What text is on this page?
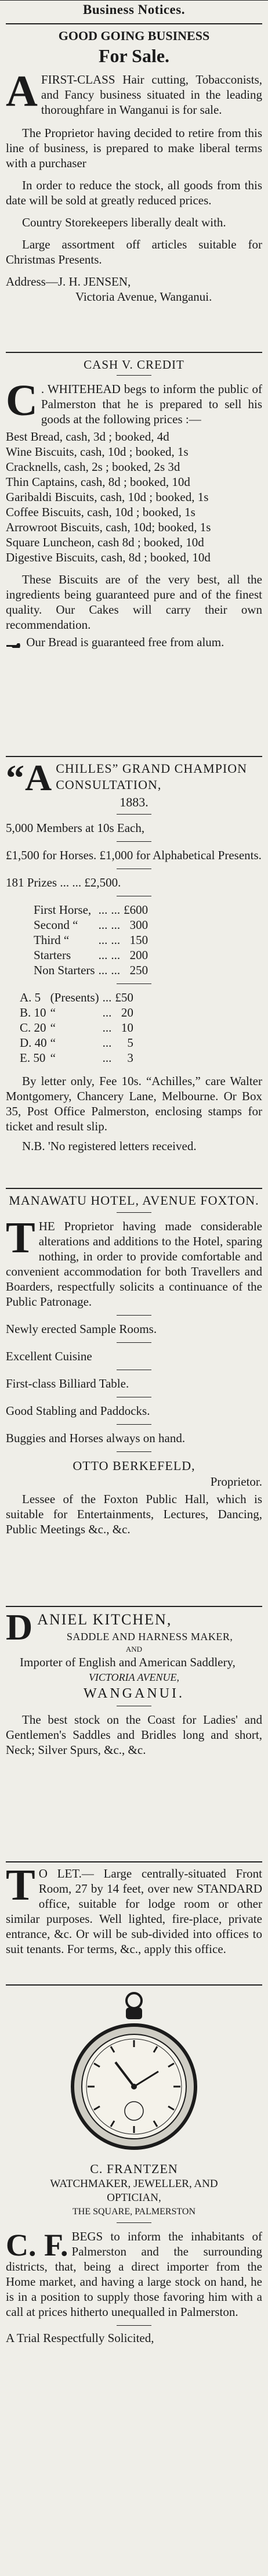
Business Notices.
GOOD GOING BUSINESS
For Sale.
A FIRST-CLASS Hair cutting, Tobacconists, and Fancy business situated in the leading thoroughfare in Wanganui is for sale.

The Proprietor having decided to retire from this line of business, is prepared to make liberal terms with a purchaser

In order to reduce the stock, all goods from this date will be sold at greatly reduced prices.

Country Storekeepers liberally dealt with.

Large assortment off articles suitable for Christmas Presents.

Address—J. H. JENSEN,

Victoria Avenue, Wanganui.

CASH V. CREDIT
C . WHITEHEAD begs to inform the public of Palmerston that he is prepared to sell his goods at the following prices :—
Best Bread, cash, 3d ; booked, 4d
Wine Biscuits, cash, 10d ; booked, 1s
Cracknells, cash, 2s ; booked, 2s 3d
Thin Captains, cash, 8d ; booked, 10d
Garibaldi Biscuits, cash, 10d ; booked, 1s
Coffee Biscuits, cash, 10d ; booked, 1s
Arrowroot Biscuits, cash, 10d; booked, 1s
Square Luncheon, cash 8d ; booked, 10d
Digestive Biscuits, cash, 8d ; booked, 10d

These Biscuits are of the very best, all the ingredients being guaranteed pure and of the finest quality. Our Cakes will carry their own recommendation.

Our Bread is guaranteed free from alum.
“A CHILLES” GRAND CHAMPION CONSULTATION,
1883.
5,000 Members at 10s Each,
£1,500 for Horses. £1,000 for Alphabetical Presents.
181 Prizes ... ... £2,500.
First Horse,	...	...	£600
Second “	...	...	300
Third “	...	...	150
Starters	...	...	200
Non Starters	...	...	250
A. 5	(Presents)	...	£50
B. 10	“	...	20
C. 20	“	...	10
D. 40	“	...	5
E. 50	“	...	3

By letter only, Fee 10s. “Achilles,” care Walter Montgomery, Chancery Lane, Melbourne. Or Box 35, Post Office Palmerston, enclosing stamps for ticket and result slip.

N.B. 'No registered letters received.

MANAWATU HOTEL, AVENUE FOXTON.
T HE Proprietor having made considerable alterations and additions to the Hotel, sparing nothing, in order to provide comfortable and convenient accommodation for both Travellers and Boarders, respectfully solicits a continuance of the Public Patronage.
Newly erected Sample Rooms.
Excellent Cuisine
First-class Billiard Table.
Good Stabling and Paddocks.
Buggies and Horses always on hand.
OTTO BERKEFELD,
Proprietor.

Lessee of the Foxton Public Hall, which is suitable for Entertainments, Lectures, Dancing, Public Meetings &c., &c.

D ANIEL KITCHEN,
SADDLE AND HARNESS MAKER,
AND
Importer of English and American Saddlery,
VICTORIA AVENUE,
WANGANUI.

The best stock on the Coast for Ladies' and Gentlemen's Saddles and Bridles long and short, Neck; Silver Spurs, &c., &c.

T O LET.— Large centrally-situated Front Room, 27 by 14 feet, over new STANDARD office, suitable for lodge room or other similar purposes. Well lighted, fire-place, private entrance, &c. Or will be sub-divided into offices to suit tenants. For terms, &c., apply this office.
C. FRANTZEN
WATCHMAKER, JEWELLER, AND OPTICIAN,
THE SQUARE, PALMERSTON
C. F. BEGS to inform the inhabitants of Palmerston and the surrounding districts, that, being a direct importer from the Home market, and having a large stock on hand, he is in a position to supply those favoring him with a call at prices hitherto unequalled in Palmerston.
A Trial Respectfully Solicited,
